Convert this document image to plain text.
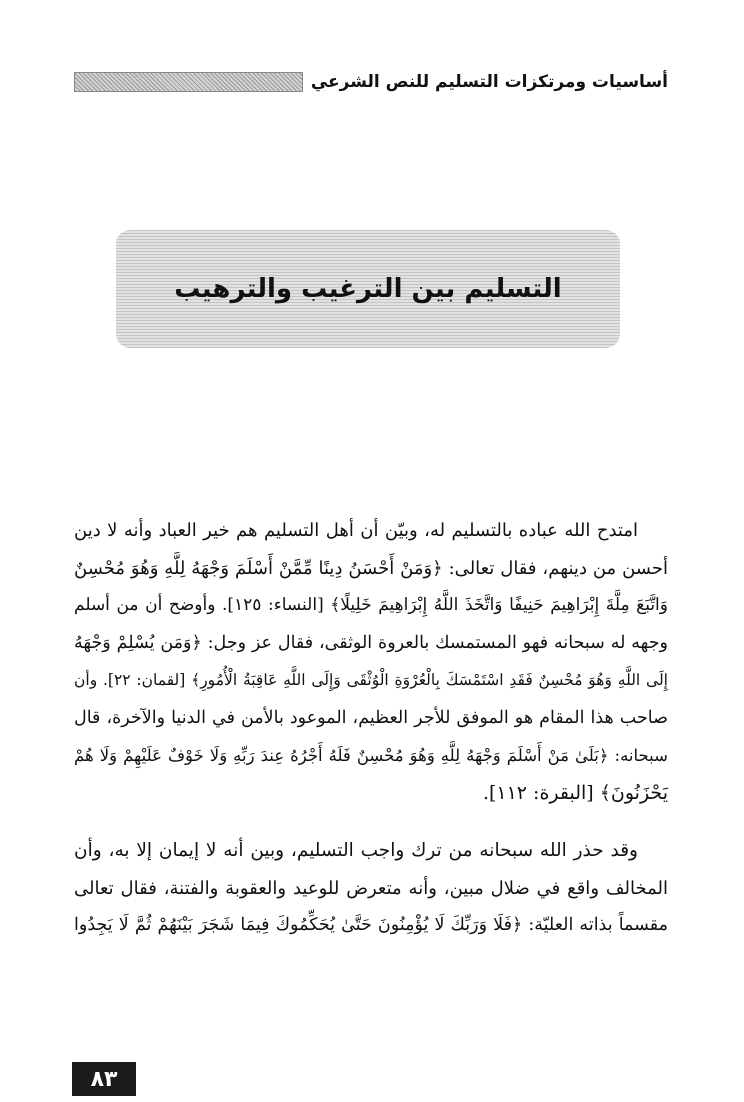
أساسيات ومرتكزات التسليم للنص الشرعي
التسليم بين الترغيب والترهيب

امتدح الله عباده بالتسليم له، وبيّن أن أهل التسليم هم خير العباد وأنه لا دين
أحسن من دينهم، فقال تعالى: ﴿وَمَنْ أَحْسَنُ دِينًا مِّمَّنْ أَسْلَمَ وَجْهَهُ لِلَّهِ وَهُوَ مُحْسِنٌ
وَاتَّبَعَ مِلَّةَ إِبْرَاهِيمَ حَنِيفًا وَاتَّخَذَ اللَّهُ إِبْرَاهِيمَ خَلِيلًا﴾ [النساء: ١٢٥]. وأوضح أن من أسلم
وجهه له سبحانه فهو المستمسك بالعروة الوثقى، فقال عز وجل: ﴿وَمَن يُسْلِمْ وَجْهَهُ
إِلَى اللَّهِ وَهُوَ مُحْسِنٌ فَقَدِ اسْتَمْسَكَ بِالْعُرْوَةِ الْوُثْقَى وَإِلَى اللَّهِ عَاقِبَةُ الْأُمُورِ﴾ [لقمان: ٢٢]. وأن
صاحب هذا المقام هو الموفق للأجر العظيم، الموعود بالأمن في الدنيا والآخرة، قال
سبحانه: ﴿بَلَىٰ مَنْ أَسْلَمَ وَجْهَهُ لِلَّهِ وَهُوَ مُحْسِنٌ فَلَهُ أَجْرُهُ عِندَ رَبِّهِ وَلَا خَوْفٌ عَلَيْهِمْ وَلَا هُمْ
يَحْزَنُونَ﴾ [البقرة: ١١٢].

وقد حذر الله سبحانه من ترك واجب التسليم، وبين أنه لا إيمان إلا به، وأن
المخالف واقع في ضلال مبين، وأنه متعرض للوعيد والعقوبة والفتنة، فقال تعالى
مقسماً بذاته العليّة: ﴿فَلَا وَرَبِّكَ لَا يُؤْمِنُونَ حَتَّىٰ يُحَكِّمُوكَ فِيمَا شَجَرَ بَيْنَهُمْ ثُمَّ لَا يَجِدُوا

٨٣
